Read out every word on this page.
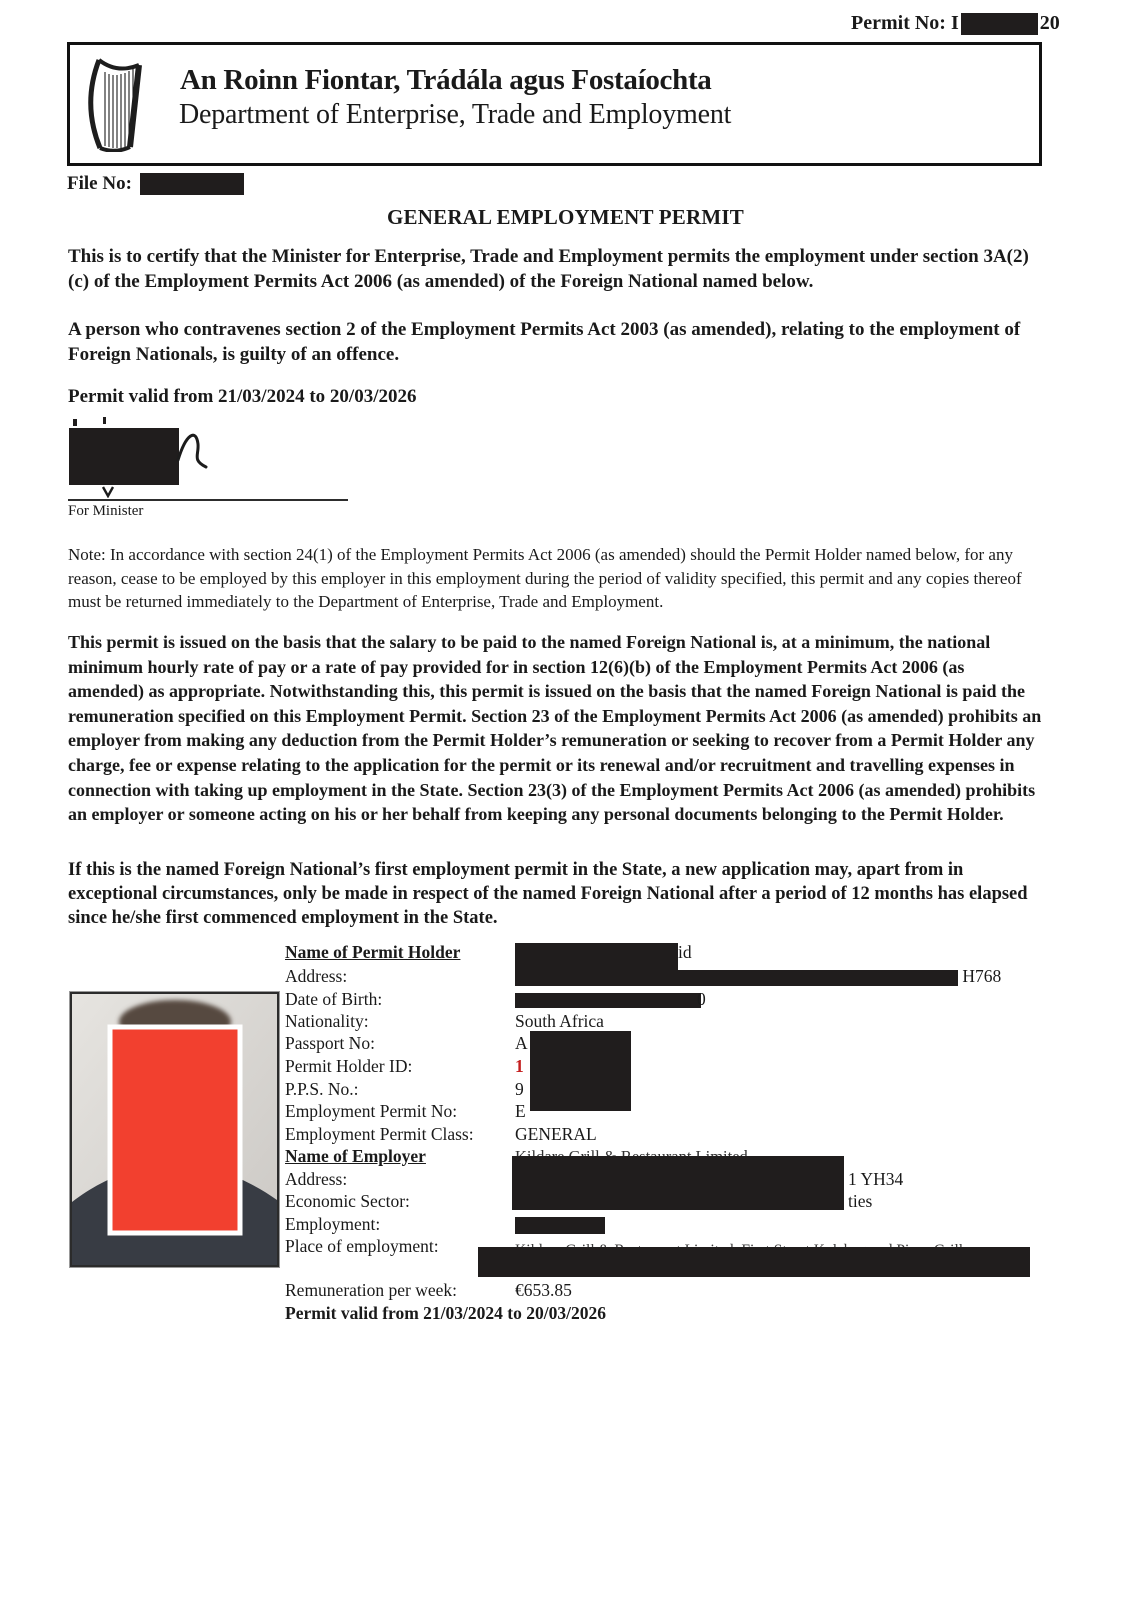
Permit No: I	20
An Roinn Fiontar, Trádála agus Fostaíochta
Department of Enterprise, Trade and Employment
File No:
GENERAL EMPLOYMENT PERMIT
This is to certify that the Minister for Enterprise, Trade and Employment permits the employment under section 3A(2)(c) of the Employment Permits Act 2006 (as amended) of the Foreign National named below.
A person who contravenes section 2 of the Employment Permits Act 2003 (as amended), relating to the employment of Foreign Nationals, is guilty of an offence.
Permit valid from 21/03/2024 to 20/03/2026
For Minister
Note: In accordance with section 24(1) of the Employment Permits Act 2006 (as amended) should the Permit Holder named below, for any reason, cease to be employed by this employer in this employment during the period of validity specified, this permit and any copies thereof must be returned immediately to the Department of Enterprise, Trade and Employment.
This permit is issued on the basis that the salary to be paid to the named Foreign National is, at a minimum, the national minimum hourly rate of pay or a rate of pay provided for in section 12(6)(b) of the Employment Permits Act 2006 (as amended) as appropriate. Notwithstanding this, this permit is issued on the basis that the named Foreign National is paid the remuneration specified on this Employment Permit. Section 23 of the Employment Permits Act 2006 (as amended) prohibits an employer from making any deduction from the Permit Holder’s remuneration or seeking to recover from a Permit Holder any charge, fee or expense relating to the application for the permit or its renewal and/or recruitment and travelling expenses in connection with taking up employment in the State. Section 23(3) of the Employment Permits Act 2006 (as amended) prohibits an employer or someone acting on his or her behalf from keeping any personal documents belonging to the Permit Holder.
If this is the named Foreign National’s first employment permit in the State, a new application may, apart from in exceptional circumstances, only be made in respect of the named Foreign National after a period of 12 months has elapsed since he/she first commenced employment in the State.
Name of Permit Holder	id
Address:	H768
Date of Birth:	0
Nationality:	South Africa
Passport No:	A
Permit Holder ID:	1
P.P.S. No.:	9
Employment Permit No:	E
Employment Permit Class:	GENERAL
Name of Employer
Address:	1 YH34
Economic Sector:	ties
Employment:
Place of employment:
Remuneration per week:	€653.85
Permit valid from 21/03/2024 to 20/03/2026
